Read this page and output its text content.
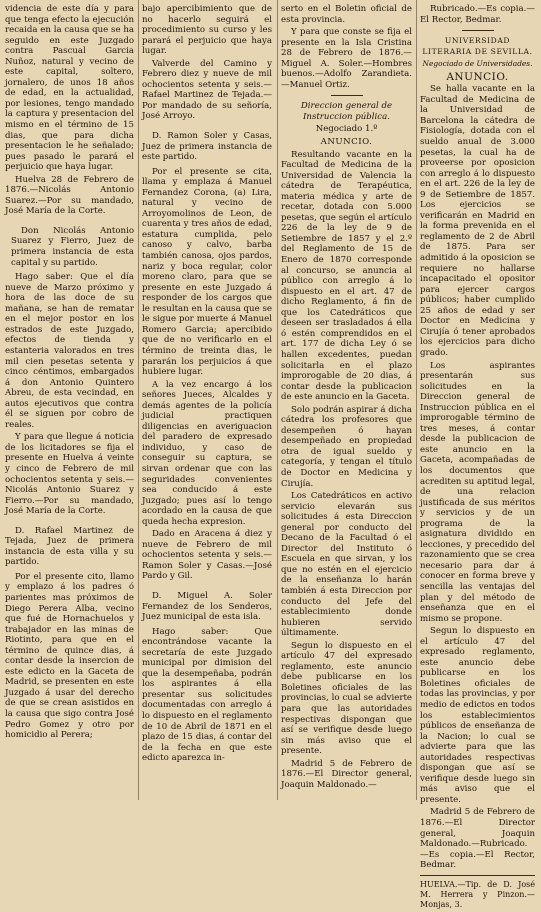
videncia de este día y para que tenga efecto la ejecución recaida en la causa que se ha seguido en este Juzgado contra Pascual Garcia Nuñoz, natural y vecino de este capital, soltero, jornalero, de unos 18 años de edad, en la actualidad, por lesiones, tengo mandado la captura y presentacion del mismo en el término de 15 dias, que para dicha presentacion le he señalado; pues pasado le parará el perjuicio que haya lugar.

Huelva 28 de Febrero de 1876.—Nicolás Antonio Suarez.—Por su mandado, José María de la Corte.

Don Nicolás Antonio Suarez y Fierro, Juez de primera instancia de esta capital y su partido.

Hago saber: Que el día nueve de Marzo próximo y hora de las doce de su mañana, se han de rematar en el mejor postor en los estrados de este Juzgado, efectos de tienda y estanteria valorados en tres mil cien pesetas setenta y cinco céntimos, embargados á don Antonio Quintero Abreu, de esta vecindad, en autos ejecutivos que contra él se siguen por cobro de reales.

Y para que llegue á noticia de los licitadores se fija el presente en Huelva á veinte y cinco de Febrero de mil ochocientos setenta y seis.—Nicolás Antonio Suarez y Fierro.—Por su mandado, José María de la Corte.

D. Rafael Martinez de Tejada, Juez de primera instancia de esta villa y su partido.

Por el presente cito, llamo y emplazo á los padres ó parientes mas próximos de Diego Perera Alba, vecino que fué de Hornachuelos y trabajador en las minas de Riotinto, para que en el término de quince dias, á contar desde la insercion de este edicto en la Gaceta de Madrid, se presenten en este Juzgado á usar del derecho de que se crean asistidos en la causa que sigo contra José Pedro Gomez y otro por homicidio al Perera;

bajo apercibimiento que de no hacerlo seguirá el procedimiento su curso y les parará el perjuicio que haya lugar.

Valverde del Camino y Febrero diez y nueve de mil ochocientos setenta y seis.—Rafael Martinez de Tejada.—Por mandado de su señoría, José Arroyo.

D. Ramon Soler y Casas, Juez de primera instancia de este partido.

Por el presente se cita, llama y emplaza á Manuel Fernandez Corona, (a) Lira, natural y vecino de Arroyomolinos de Leon, de cuarenta y tres años de edad, estatura cumplida, pelo canoso y calvo, barba también canosa, ojos pardos, nariz y boca regular, color moreno claro, para que se presente en este Juzgado á responder de los cargos que le resultan en la causa que se le sigue por muerte á Manuel Romero Garcia; apercibido que de no verificarlo en el término de treinta dias, le pararán los perjuicios á que hubiere lugar.

A la vez encargo á los señores Jueces, Alcaldes y demás agentes de la policía judicial practiquen diligencias en averiguacion del paradero de expresado individuo, y caso de conseguir su captura, se sirvan ordenar que con las seguridades convenientes sea conducido á este Juzgado; pues así lo tengo acordado en la causa de que queda hecha expresion.

Dado en Aracena á diez y nueve de Febrero de mil ochocientos setenta y seis.—Ramon Soler y Casas.—José Pardo y Gil.

D. Miguel A. Soler Fernandez de los Senderos, Juez municipal de esta isla.

Hago saber: Que encontrándose vacante la secretaría de este Juzgado municipal por dimision del que la desempeñaba, podrán los aspirantes á ella presentar sus solicitudes documentadas con arreglo á lo dispuesto en el reglamento de 10 de Abril de 1871 en el plazo de 15 dias, á contar del de la fecha en que este edicto aparezca in-

serto en el Boletin oficial de esta provincia.

Y para que conste se fija el presente en la Isla Cristina 28 de Febrero de 1876.—Miguel A. Soler.—Hombres buenos.—Adolfo Zarandieta.—Manuel Ortiz.

Direccion general de Instruccion pública.

Negociado 1.º

ANUNCIO.

Resultando vacante en la Facultad de Medicina de la Universidad de Valencia la cátedra de Terapéutica, materia médica y arte de recetar, dotada con 5.000 pesetas, que según el artículo 226 de la ley de 9 de Setiembre de 1857 y el 2.º del Reglamento de 15 de Enero de 1870 corresponde al concurso, se anuncia al público con arreglo á lo dispuesto en el art. 47 de dicho Reglamento, á fin de que los Catedráticos que deseen ser trasladados á ella ó estén comprendidos en el art. 177 de dicha Ley ó se hallen excedentes, puedan solicitarla en el plazo improrogable de 20 dias, á contar desde la publicacion de este anuncio en la Gaceta.

Solo podrán aspirar á dicha cátedra los profesores que desempeñen ó hayan desempeñado en propiedad otra de igual sueldo y categoría, y tengan el título de Doctor en Medicina y Cirujía.

Los Catedráticos en activo servicio elevarán sus solicitudes á esta Direccion general por conducto del Decano de la Facultad ó el Director del Instituto ó Escuela en que sirvan, y los que no estén en el ejercicio de la enseñanza lo harán también á esta Direccion por conducto del Jefe del establecimiento donde hubieren servido últimamente.

Segun lo dispuesto en el artículo 47 del expresado reglamento, este anuncio debe publicarse en los Boletines oficiales de las provincias, lo cual se advierte para que las autoridades respectivas dispongan que así se verifique desde luego sin más aviso que el presente.

Madrid 5 de Febrero de 1876.—El Director general, Joaquin Maldonado.—

Rubricado.—Es copia.—El Rector, Bedmar.

UNIVERSIDAD LITERARIA DE SEVILLA.

Negociado de Universidades.

ANUNCIO.

Se halla vacante en la Facultad de Medicina de la Universidad de Barcelona la cátedra de Fisiología, dotada con el sueldo anual de 3.000 pesetas, la cual ha de proveerse por oposicion con arreglo á lo dispuesto en el art. 226 de la ley de 9 de Setiembre de 1857. Los ejercicios se verificarán en Madrid en la forma prevenida en el reglamento de 2 de Abril de 1875. Para ser admitido á la oposicion se requiere no hallarse incapacitado el opositor para ejercer cargos públicos; haber cumplido 25 años de edad y ser Doctor en Medicina y Cirujía ó tener aprobados los ejercicios para dicho grado.

Los aspirantes presentarán sus solicitudes en la Direccion general de Instruccion pública en el improrogable término de tres meses, á contar desde la publicacion de este anuncio en la Gaceta, acompañadas de los documentos que acrediten su aptitud legal, de una relacion justificada de sus méritos y servicios y de un programa de la asignatura dividido en lecciones, y precedido del razonamiento que se crea necesario para dar á conocer en forma breve y sencilla las ventajas del plan y del método de enseñanza que en el mismo se propone.

Segun lo dispuesto en el artículo 47 del expresado reglamento, este anuncio debe publicarse en los Boletines oficiales de todas las provincias, y por medio de edictos en todos los establecimientos públicos de enseñanza de la Nacion; lo cual se advierte para que las autoridades respectivas dispongan que así se verifique desde luego sin más aviso que el presente.

Madrid 5 de Febrero de 1876.—El Director general, Joaquin Maldonado.—Rubricado.—Es copia.—El Rector, Bedmar.

HUELVA.—Tip. de D. José M. Herrera y Pinzon.—Monjas, 3.
